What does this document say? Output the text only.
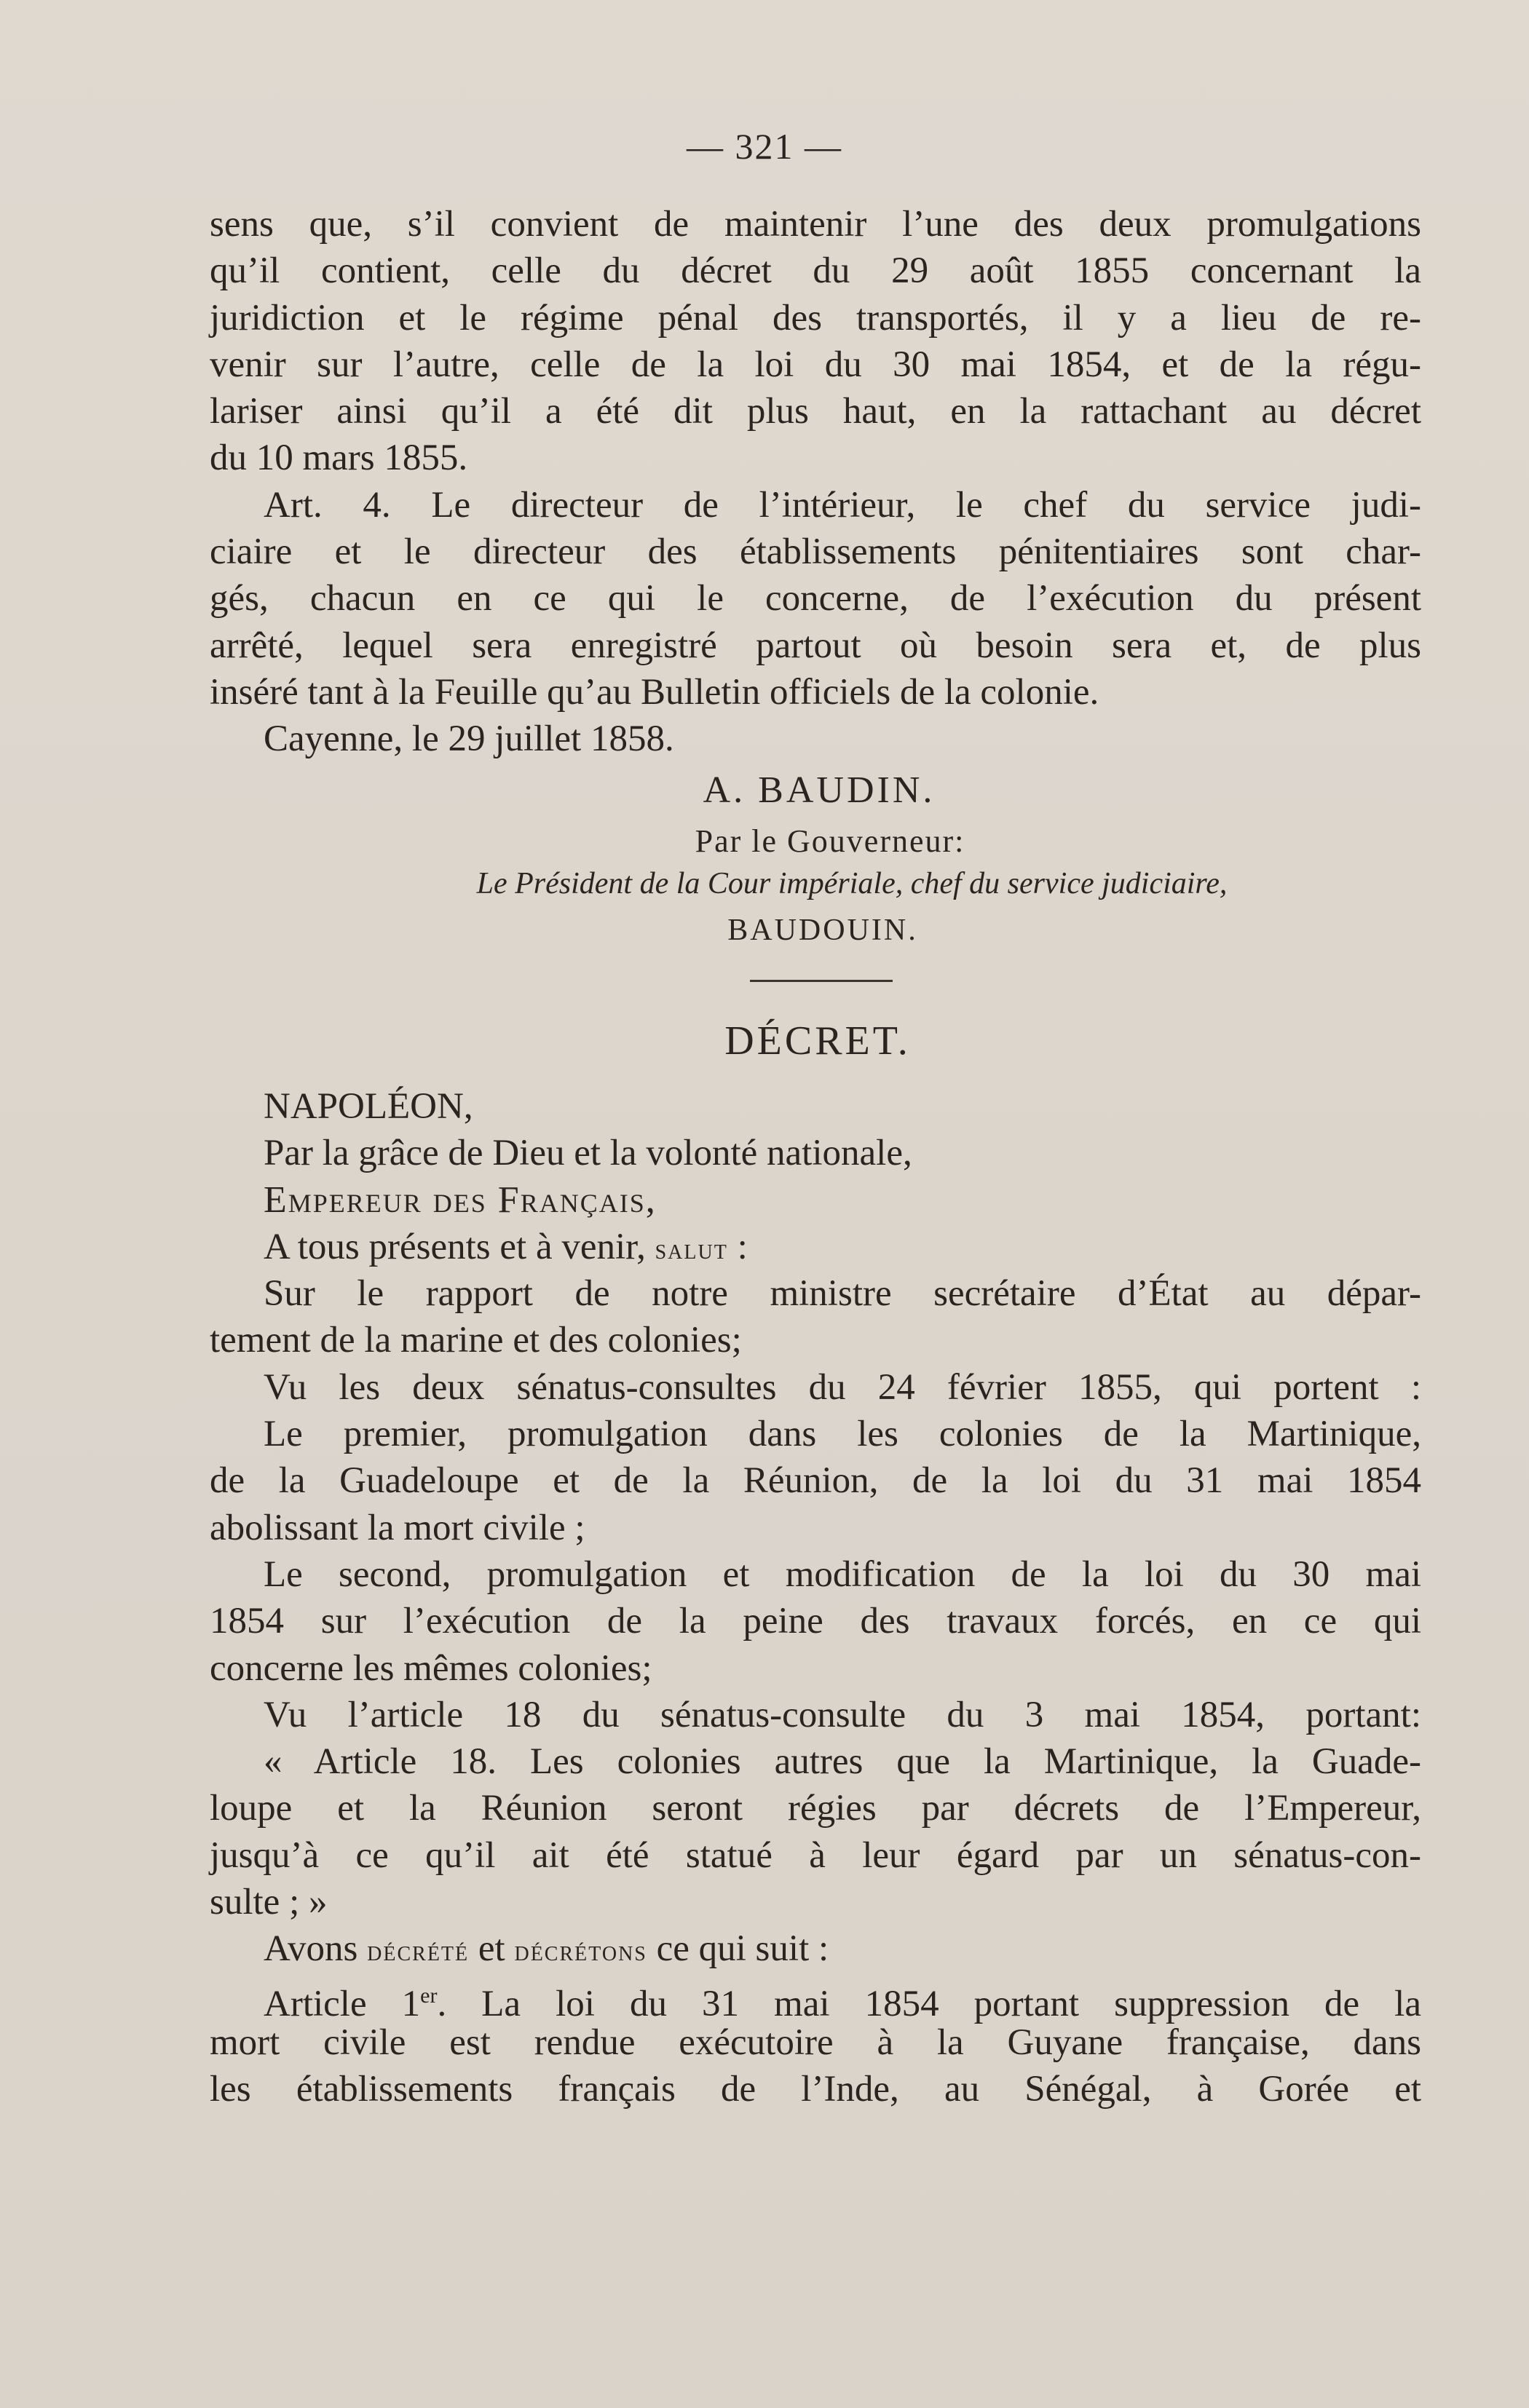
— 321 —
sens que, s’il convient de maintenir l’une des deux promulgations
qu’il contient, celle du décret du 29 août 1855 concernant la
juridiction et le régime pénal des transportés, il y a lieu de re-
venir sur l’autre, celle de la loi du 30 mai 1854, et de la régu-
lariser ainsi qu’il a été dit plus haut, en la rattachant au décret
du 10 mars 1855.
Art. 4. Le directeur de l’intérieur, le chef du service judi-
ciaire et le directeur des établissements pénitentiaires sont char-
gés, chacun en ce qui le concerne, de l’exécution du présent
arrêté, lequel sera enregistré partout où besoin sera et, de plus
inséré tant à la Feuille qu’au Bulletin officiels de la colonie.
Cayenne, le 29 juillet 1858.
A. BAUDIN.
Par le Gouverneur:
Le Président de la Cour impériale, chef du service judiciaire,
BAUDOUIN.
DÉCRET.
NAPOLÉON,
Par la grâce de Dieu et la volonté nationale,
Empereur des Français,
A tous présents et à venir, salut :
Sur le rapport de notre ministre secrétaire d’État au dépar-
tement de la marine et des colonies;
Vu les deux sénatus-consultes du 24 février 1855, qui portent :
Le premier, promulgation dans les colonies de la Martinique,
de la Guadeloupe et de la Réunion, de la loi du 31 mai 1854
abolissant la mort civile ;
Le second, promulgation et modification de la loi du 30 mai
1854 sur l’exécution de la peine des travaux forcés, en ce qui
concerne les mêmes colonies;
Vu l’article 18 du sénatus-consulte du 3 mai 1854, portant:
« Article 18. Les colonies autres que la Martinique, la Guade-
loupe et la Réunion seront régies par décrets de l’Empereur,
jusqu’à ce qu’il ait été statué à leur égard par un sénatus-con-
sulte ; »
Avons décrété et décrétons ce qui suit :
Article 1er. La loi du 31 mai 1854 portant suppression de la
mort civile est rendue exécutoire à la Guyane française, dans
les établissements français de l’Inde, au Sénégal, à Gorée et
